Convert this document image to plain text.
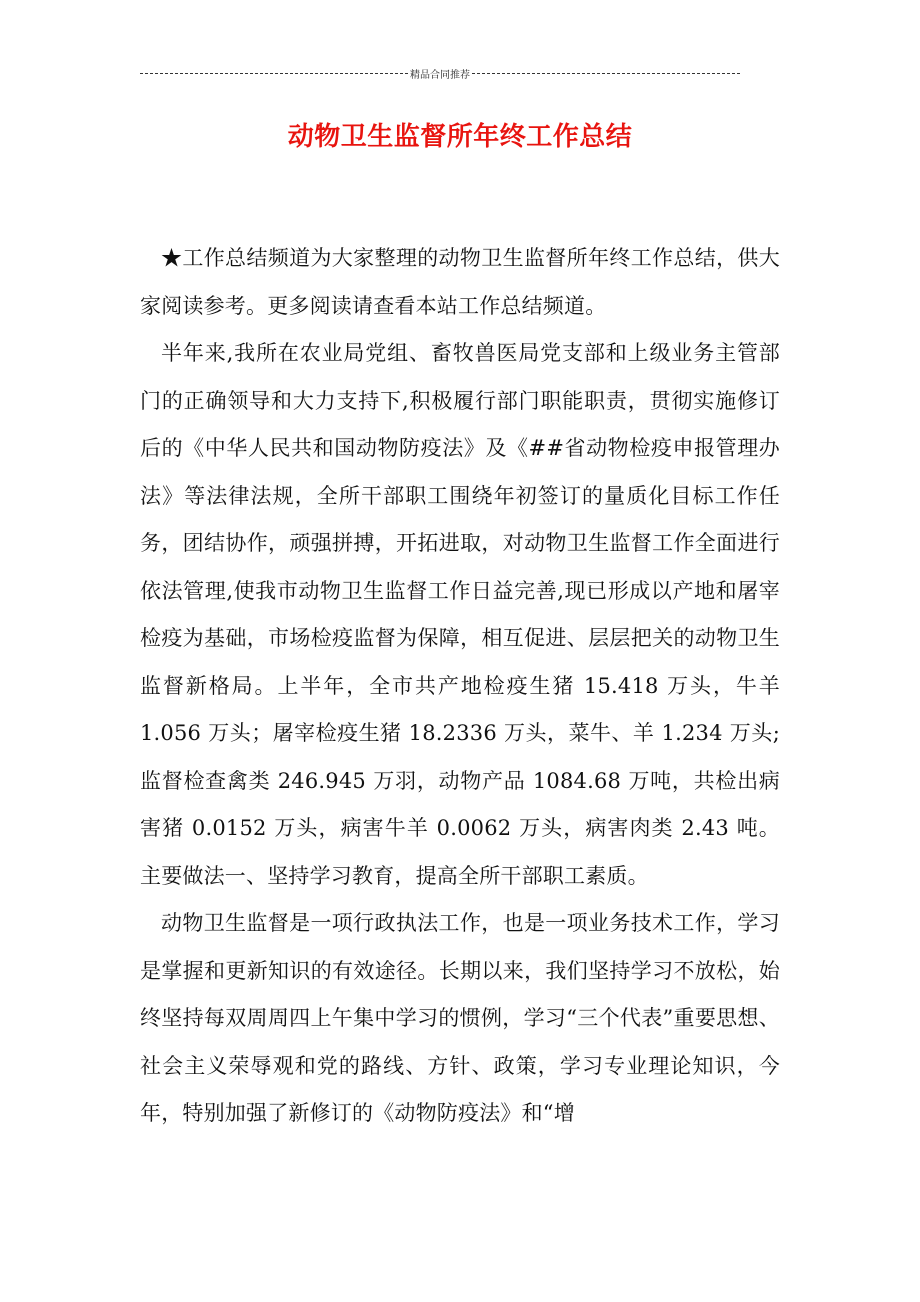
精品合同推荐
动物卫生监督所年终工作总结

★工作总结频道为大家整理的动物卫生监督所年终工作总结，供大家阅读参考。更多阅读请查看本站工作总结频道。

半年来,我所在农业局党组、畜牧兽医局党支部和上级业务主管部门的正确领导和大力支持下,积极履行部门职能职责，贯彻实施修订后的《中华人民共和国动物防疫法》及《##省动物检疫申报管理办法》等法律法规，全所干部职工围绕年初签订的量质化目标工作任务，团结协作，顽强拼搏，开拓进取，对动物卫生监督工作全面进行依法管理,使我市动物卫生监督工作日益完善,现已形成以产地和屠宰检疫为基础，市场检疫监督为保障，相互促进、层层把关的动物卫生监督新格局。上半年，全市共产地检疫生猪 15.418 万头，牛羊 1.056 万头；屠宰检疫生猪 18.2336 万头，菜牛、羊 1.234 万头;监督检查禽类 246.945 万羽，动物产品 1084.68 万吨，共检出病害猪 0.0152 万头，病害牛羊 0.0062 万头，病害肉类 2.43 吨。主要做法一、坚持学习教育，提高全所干部职工素质。

动物卫生监督是一项行政执法工作，也是一项业务技术工作，学习是掌握和更新知识的有效途径。长期以来，我们坚持学习不放松，始终坚持每双周周四上午集中学习的惯例，学习“三个代表”重要思想、社会主义荣辱观和党的路线、方针、政策，学习专业理论知识，今年，特别加强了新修订的《动物防疫法》和“增
